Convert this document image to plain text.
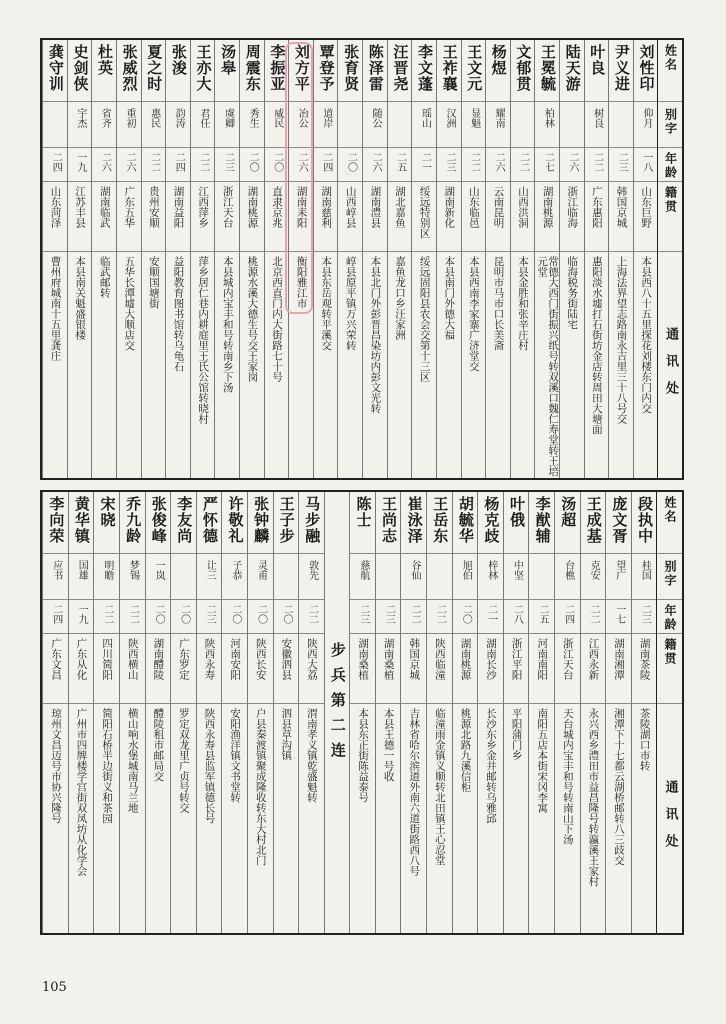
姓名
别字
年龄
籍贯
通讯处
刘性印
仰月
一八
山东巨野
本县西八十五里探花刘楼东门内交
尹义进
二三
韩国京城
上海法界望志路南永吉里三十八号交
叶良
树良
二二
广东惠阳
惠阳淡水墟打石街坊金店转周田大塘面
陆天游
二六
浙江临海
临海税务街陆宅
王冕毓
柏林
二七
湖南桃源
常德大西门街振兴纸号转双溪口魏仁寿堂转王培元堂
文郁贯
二二
山西洪洞
本县金胜和张辛庄村
杨煜
耀南
二六
云南昆明
昆明市马市口长美斋
王文元
显魁
二二
山东临邑
本县西南李家寨广济堂交
王祚襄
汉洲
二三
湖南新化
本县南门外德大福
李文蓬
瑶山
二一
绥远特别区
绥远固阳县农会交第十三区
汪晋尧
二五
湖北嘉鱼
嘉鱼龙口乡汪家洲
陈泽雷
随公
二六
湖南澧县
本县北门外彭晋昌染坊内彭文光转
张育贤
二〇
山西崞县
崞县原平镇万兴荣转
覃登予
道岸
二四
湖南慈利
本县东岳观转平溪交
刘方平
冶公
二六
湖南耒阳
衡阳雅江市
李振亚
威民
二〇
直隶京兆
北京西直门内大街路七十号
周震东
秀生
二〇
湖南桃源
桃源水溪大德生号交王家岗
汤皋
虞卿
二三
浙江天台
本县城内宝丰和号转南乡下汤
王亦大
君任
二二
江西萍乡
萍乡居仁巷内耕庭里王氏公馆转晓村
张浚
韵涛
二四
湖南益阳
益阳教育图书馆转乌龟石
夏之时
惠民
二二
贵州安顺
安顺国塘街
张威烈
重初
二六
广东五华
五华长潭墟大顺店交
杜英
省齐
二六
湖南临武
临武邮转
史剑侠
宇杰
一九
江苏丰县
本县南关魁盛银楼
龚守训
二四
山东菏泽
曹州府城南十五里龚庄
姓名
别字
年龄
籍贯
通讯处
段执中
桂国
二三
湖南茶陵
茶陵湖口市转
庞文胥
望广
一七
湖南湘潭
湘潭下十七都云湖桥邮转八三歧交
王成基
克安
二二
江西永新
永兴西乡澧田市益昌隆号转瀛溪王家村
汤超
台樵
二四
浙江天台
天台城内宝丰和号转南山下汤
李猷辅
二五
河南南阳
南阳五店本街宋冈李寓
叶俄
中坚
二八
浙江平阳
平阳蒲门乡
杨克歧
梓林
二一
湖南长沙
长沙东乡金井邮转乌雅邱
胡毓华
旭伯
二〇
湖南桃源
桃源北路九溪信柜
王岳东
二二
陕西临潼
临潼雨金镇义顺转北田镇王心忍堂
崔泳泽
谷仙
二二
韩国京城
吉林省哈尔滨道外南六道街路西八号
王尚志
二三
湖南桑植
本县王德一号收
陈士
慈航
二三
湖南桑植
本县东正街陈益泰号
步兵第二连
马步融
敦先
二二
陕西大荔
渭南孝义镇乾盛魁转
王子步
二〇
安徽泗县
泗县草沟镇
张钟麟
灵甫
二〇
陕西长安
户县秦渡镇聚成隆收转东大村北门
许敬礼
子恭
二〇
河南安阳
安阳渔洋镇文书堂转
严怀德
让三
二三
陕西永寿
陕西永寿县监军镇德长号
李友尚
二〇
广东罗定
罗定双龙里广贞号转交
张俊峰
一岚
二〇
湖南醴陵
醴陵租市邮局交
乔九龄
梦锡
二二
陕西横山
横山响水堡城南马兰地
宋晓
明瞻
二二
四川简阳
简阳石桥半边街义和茶园
黄华镇
国雄
一九
广东从化
广州市四牌楼学宫街双凤坊从化学会
李向荣
应书
二四
广东文昌
琼州文昌迈号市协兴隆号
105
